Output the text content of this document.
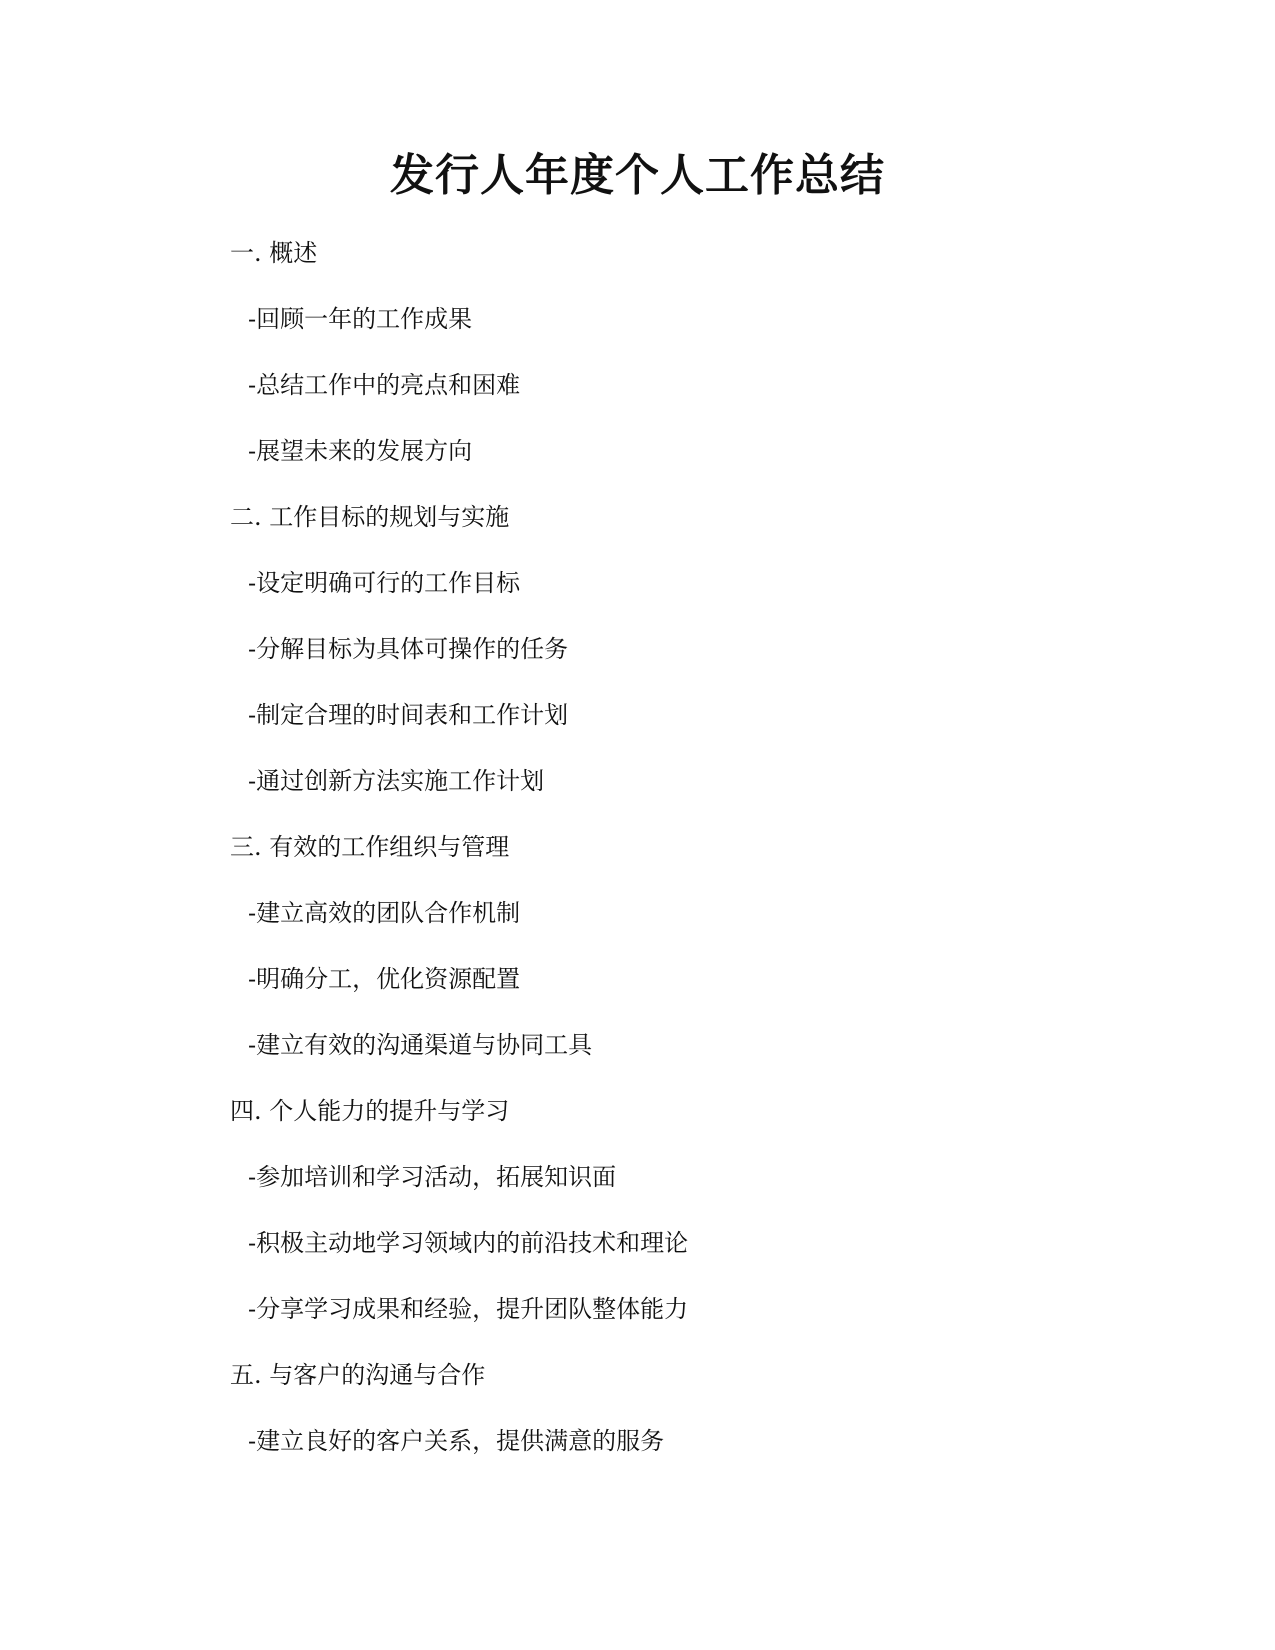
发行人年度个人工作总结
一. 概述
-回顾一年的工作成果
-总结工作中的亮点和困难
-展望未来的发展方向
二. 工作目标的规划与实施
-设定明确可行的工作目标
-分解目标为具体可操作的任务
-制定合理的时间表和工作计划
-通过创新方法实施工作计划
三. 有效的工作组织与管理
-建立高效的团队合作机制
-明确分工，优化资源配置
-建立有效的沟通渠道与协同工具
四. 个人能力的提升与学习
-参加培训和学习活动，拓展知识面
-积极主动地学习领域内的前沿技术和理论
-分享学习成果和经验，提升团队整体能力
五. 与客户的沟通与合作
-建立良好的客户关系，提供满意的服务
